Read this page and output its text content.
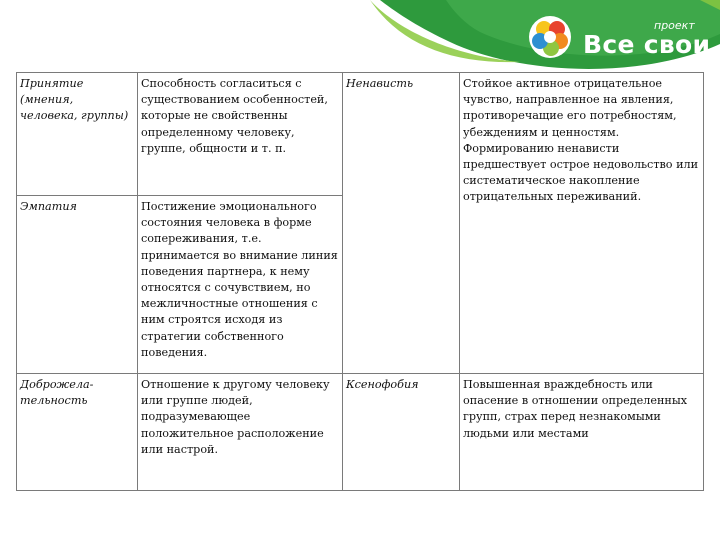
проект
Все свои
Принятие (мнения, человека, группы)	Способность согласиться с существованием особенностей, которые не свойственны определенному человеку, группе, общности и т. п.	Ненависть	Стойкое активное отрицательное чувство, направленное на явления, противоречащие его потребностям, убеждениям и ценностям. Формированию ненависти предшествует острое недовольство или систематическое накопление отрицательных переживаний.
Эмпатия	Постижение эмоционального состояния человека в форме сопереживания, т.е. принимается во внимание линия поведения партнера, к нему относятся с сочувствием, но межличностные отношения с ним строятся исходя из стратегии собственного поведения.		
Доброжела-тельность	Отношение к другому человеку или группе людей, подразумевающее положительное расположение или настрой.	Ксенофобия	Повышенная враждебность или опасение в отношении определенных групп, страх перед незнакомыми людьми или местами
